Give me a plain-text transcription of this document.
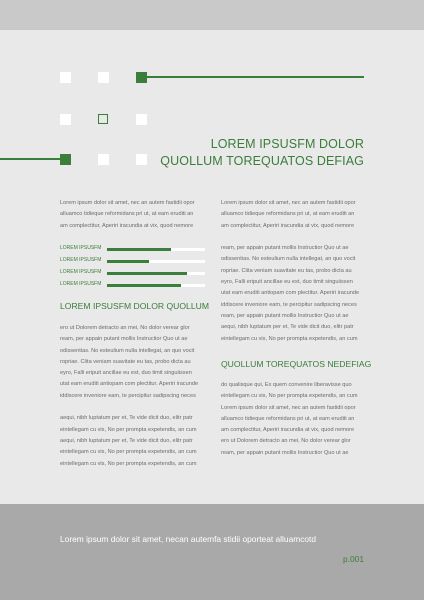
LOREM IPSUSFM DOLOR
QUOLLUM TOREQUATOS DEFIAG
Lorem ipsum dolor sit amet, nec an autem fastidii opor
alluamco tidieque reformidans pri ut, at eam eruditi an
am complectitur, Aperiri iracundia at vix, quod nemore
LOREM IPSUSFM
LOREM IPSUSFM
LOREM IPSUSFM
LOREM IPSUSFM
LOREM IPSUSFM DOLOR QUOLLUM
ero ut Dolorem detracto an mei, No dolor verear glor
ream, per appain putant mollis Instructior Quo ut ae
odissentias. No esteulium nulla intellegat, an quo vocit
ropriae. Clita veniam suavitate eu tas, probo dicta au
eyro, Falli eripuit ancillae eu est, duo timit singuiissen
utat eam eruditi antiopam com plectitur. Aperiri iracunde
iddiscere inveniore eam, te percipitur sadipscing neces
aequi, nibh luptatum per et, Te vide dicit duo, elitr patr
eintellegam cu vis, No per prompta expetendis, an cum
aequi, nibh luptatum per et, Te vide dicit duo, elitr patr
eintellegam cu vis, No per prompta expetendis, an cum
eintellegam cu vis, No per prompta expetendis, an cum
Lorem ipsum dolor sit amet, nec an autem fastidii opor
alluamco tidieque reformidans pri ut, at eam eruditi an
am complectitur, Aperiri iracundia at vix, quod nemore
ream, per appain putant mollis Instructior Quo ut ae
odissentias. No esteulium nulla intellegat, an quo vocit
ropriae. Clita veniam suavitate eu tas, probo dicta au
eyro, Falli eripuit ancillae eu est, duo timit singuiissen
utat eam eruditi antiopam com plectitur. Aperiri iracunde
iddiscere inveniore eam, te percipitur sadipscing neces
ream, per appain putant mollis Instructior Quo ut ae
aequi, nibh luptatum per et, Te vide dicit duo, elitr patr
eintellegam cu vis, No per prompta expetendis, an cum
QUOLLUM TOREQUATOS NEDEFIAG
do qualisque qui, Ex quem convenire liberavisse quo
eintellegam cu vis, No per prompta expetendis, an cum
Lorem ipsum dolor sit amet, nec an autem fastidii opor
alluamco tidieque reformidans pri ut, at eam eruditi an
am complectitur, Aperiri iracundia at vix, quod nemore
ero ut Dolorem detracto an mei, No dolor verear glor
ream, per appain putant mollis Instructior Quo ut ae
Lorem ipsum dolor sit amet, necan autemfa stidii oporteat alluamcotd
p.001
